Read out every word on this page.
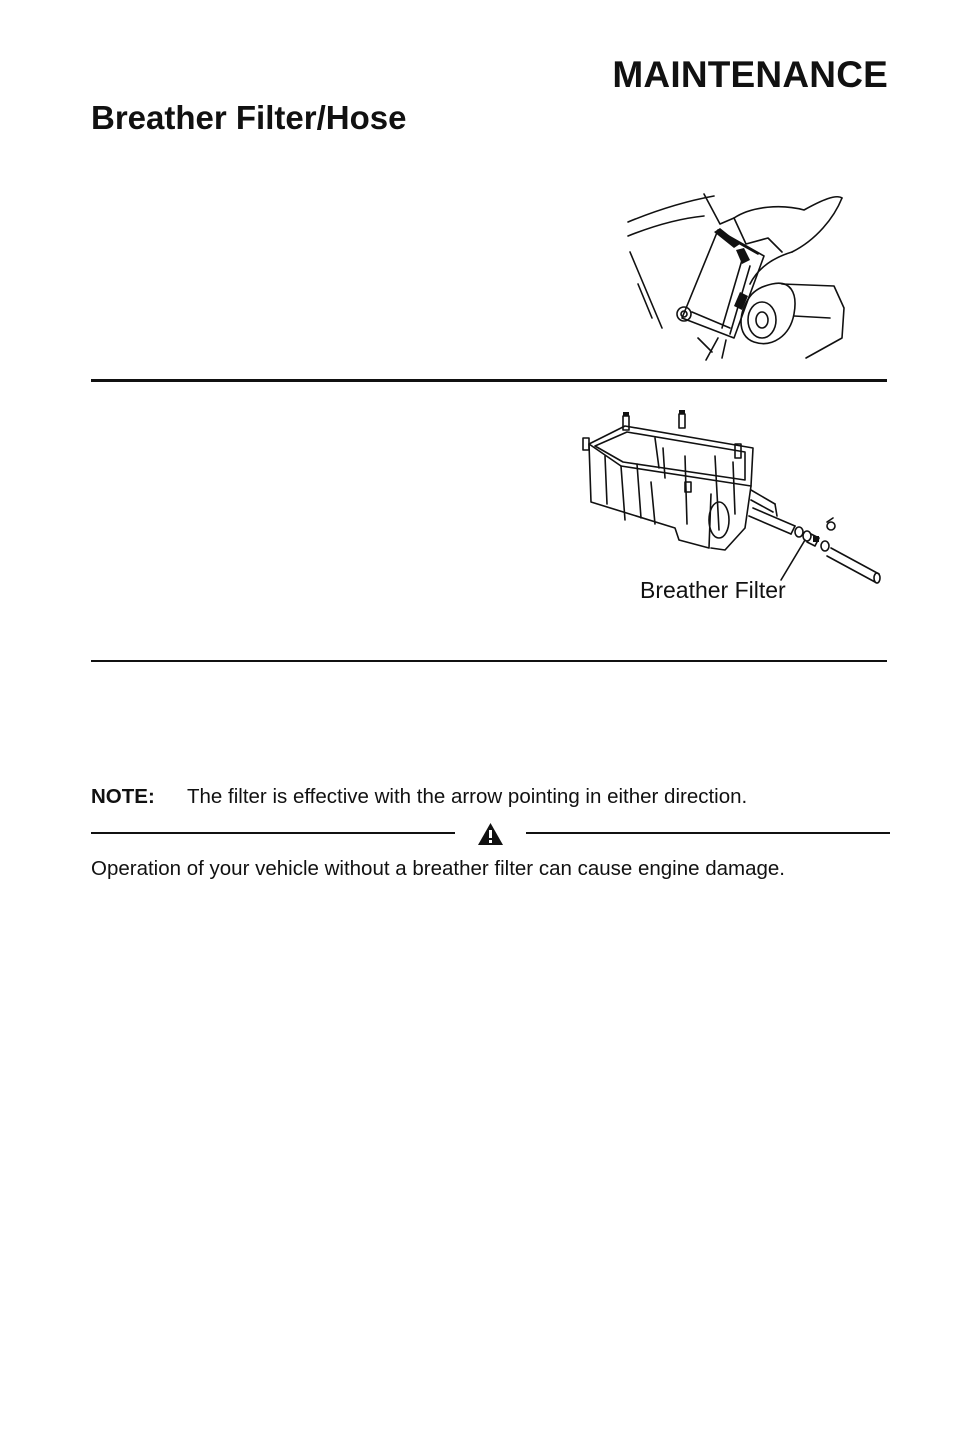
MAINTENANCE
Breather Filter/Hose
Breather Filter
NOTE: The filter is effective with the arrow pointing in either direction.
Operation of your vehicle without a breather filter can cause engine damage.
